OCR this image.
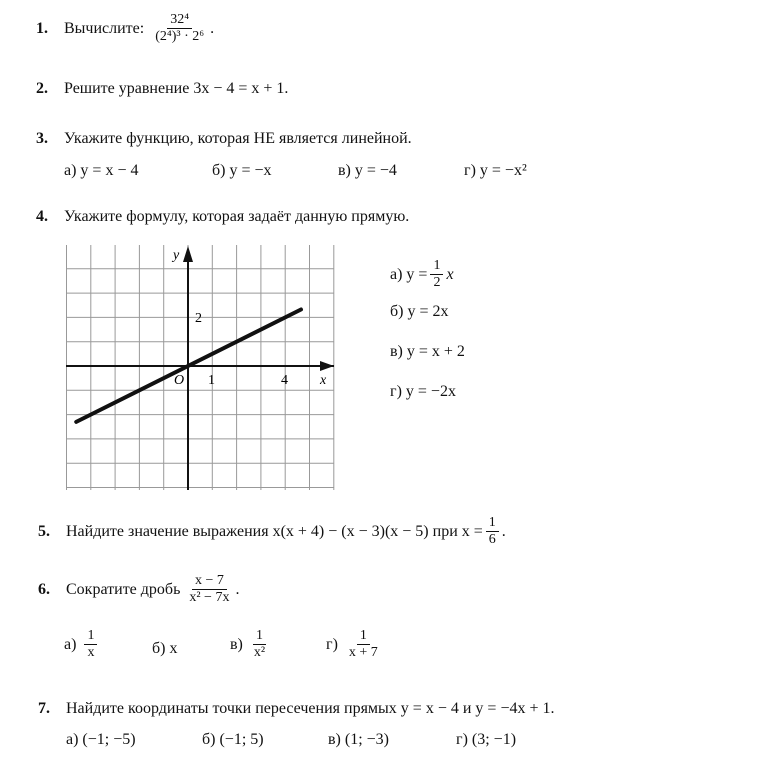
1.	Вычислите: $\frac{\text{32⁴}}{\text{(2⁴)³ · 2⁶}}$ .
2.	Решите уравнение 3x − 4 = x + 1.
3.	Укажите функцию, которая НЕ является линейной.
а) y = x − 4	б) y = −x	в) y = −4	г) y = −x²
4.	Укажите формулу, которая задаёт данную прямую.
y
x
O 1	4
2
а) $y = \frac{1}{2}$ x
б) y = 2x
в) y = x + 2
г) y = −2x
5.	Найдите значение выражения x(x + 4) − (x − 3)(x − 5) при $x = \frac{1}{6}$ .
6.	Сократите дробь $\frac{x - 7}{\text{x² − 7x}}$ .
$а) \frac{1}{x}$	б) x	$в) \frac{1}{\text{x²}}$	$г) \frac{1}{x + 7}$
7.	Найдите координаты точки пересечения прямых y = x − 4 и y = −4x + 1.
а) (−1; −5)	б) (−1; 5)	в) (1; −3)	г) (3; −1)
